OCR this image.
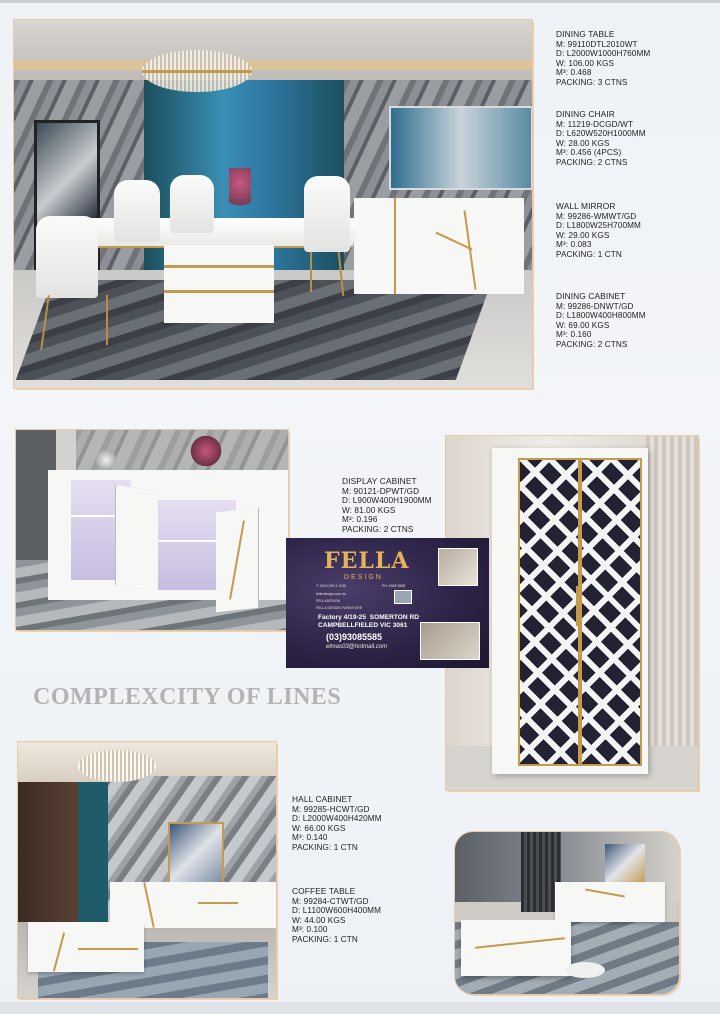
DINING TABLE
M: 99110DTL2010WT
D: L2000W1000H760MM
W: 106.00 KGS
M³: 0.468
PACKING: 3 CTNS
DINING CHAIR
M: 11219-DCGD/WT
D: L620W520H1000MM
W: 28.00 KGS
M³: 0.456 (4PCS)
PACKING: 2 CTNS
WALL MIRROR
M: 99286-WMWT/GD
D: L1800W25H700MM
W: 29.00 KGS
M³: 0.083
PACKING: 1 CTN
DINING CABINET
M: 99286-DNWT/GD
D: L1800W400H800MM
W: 69.00 KGS
M³: 0.160
PACKING: 2 CTNS
DISPLAY CABINET
M: 90121-DPWT/GD
D: L900W400H1900MM
W: 81.00 KGS
M³: 0.196
PACKING: 2 CTNS
FELLA
DESIGN
T: 0415 290 3 1235	PH: 9308 5585
fella.design.com.au
FELLADESIGN
FELLA DESIGN FURNITURE
Factory 4/19-25  SOMERTON RD
CAMPBELLFIELED VIC 3061
(03)93085585
elmas03@hotmail.com
COMPLEXCITY OF LINES
HALL CABINET
M: 99285-HCWT/GD
D: L2000W400H420MM
W: 66.00 KGS
M³: 0.140
PACKING: 1 CTN
COFFEE TABLE
M: 99284-CTWT/GD
D: L1100W600H400MM
W: 44.00 KGS
M³: 0.100
PACKING: 1 CTN
